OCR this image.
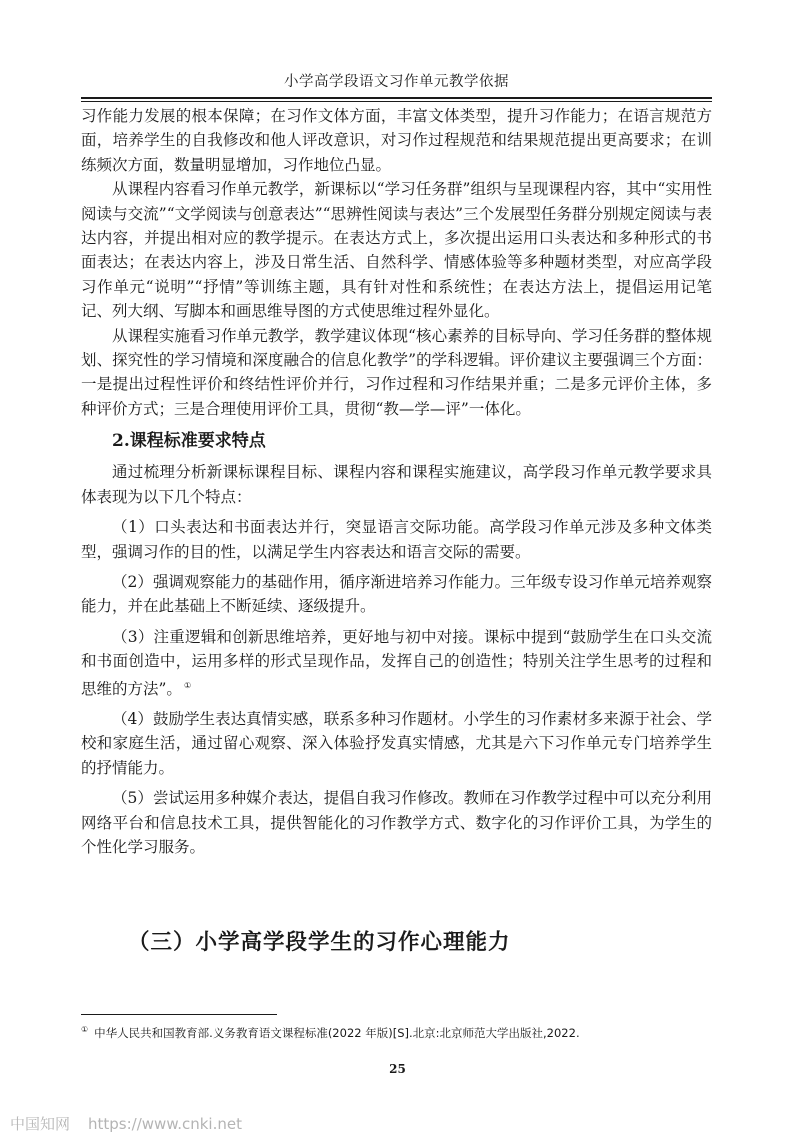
小学高学段语文习作单元教学依据

习作能力发展的根本保障；在习作文体方面，丰富文体类型，提升习作能力；在语言规范方面，培养学生的自我修改和他人评改意识，对习作过程规范和结果规范提出更高要求；在训练频次方面，数量明显增加，习作地位凸显。

从课程内容看习作单元教学，新课标以“学习任务群”组织与呈现课程内容，其中“实用性阅读与交流”“文学阅读与创意表达”“思辨性阅读与表达”三个发展型任务群分别规定阅读与表达内容，并提出相对应的教学提示。在表达方式上，多次提出运用口头表达和多种形式的书面表达；在表达内容上，涉及日常生活、自然科学、情感体验等多种题材类型，对应高学段习作单元“说明”“抒情”等训练主题，具有针对性和系统性；在表达方法上，提倡运用记笔记、列大纲、写脚本和画思维导图的方式使思维过程外显化。

从课程实施看习作单元教学，教学建议体现“核心素养的目标导向、学习任务群的整体规划、探究性的学习情境和深度融合的信息化教学”的学科逻辑。评价建议主要强调三个方面：一是提出过程性评价和终结性评价并行，习作过程和习作结果并重；二是多元评价主体，多种评价方式；三是合理使用评价工具，贯彻“教—学—评”一体化。

2.课程标准要求特点

通过梳理分析新课标课程目标、课程内容和课程实施建议，高学段习作单元教学要求具体表现为以下几个特点：

（1）口头表达和书面表达并行，突显语言交际功能。高学段习作单元涉及多种文体类型，强调习作的目的性，以满足学生内容表达和语言交际的需要。

（2）强调观察能力的基础作用，循序渐进培养习作能力。三年级专设习作单元培养观察能力，并在此基础上不断延续、逐级提升。

（3）注重逻辑和创新思维培养，更好地与初中对接。课标中提到“鼓励学生在口头交流和书面创造中，运用多样的形式呈现作品，发挥自己的创造性；特别关注学生思考的过程和思维的方法”。 ①

（4）鼓励学生表达真情实感，联系多种习作题材。小学生的习作素材多来源于社会、学校和家庭生活，通过留心观察、深入体验抒发真实情感，尤其是六下习作单元专门培养学生的抒情能力。

（5）尝试运用多种媒介表达，提倡自我习作修改。教师在习作教学过程中可以充分利用网络平台和信息技术工具，提供智能化的习作教学方式、数字化的习作评价工具，为学生的个性化学习服务。

（三）小学高学段学生的习作心理能力
① 中华人民共和国教育部.义务教育语文课程标准(2022 年版)[S].北京:北京师范大学出版社,2022.
25
中国知网 https://www.cnki.net
